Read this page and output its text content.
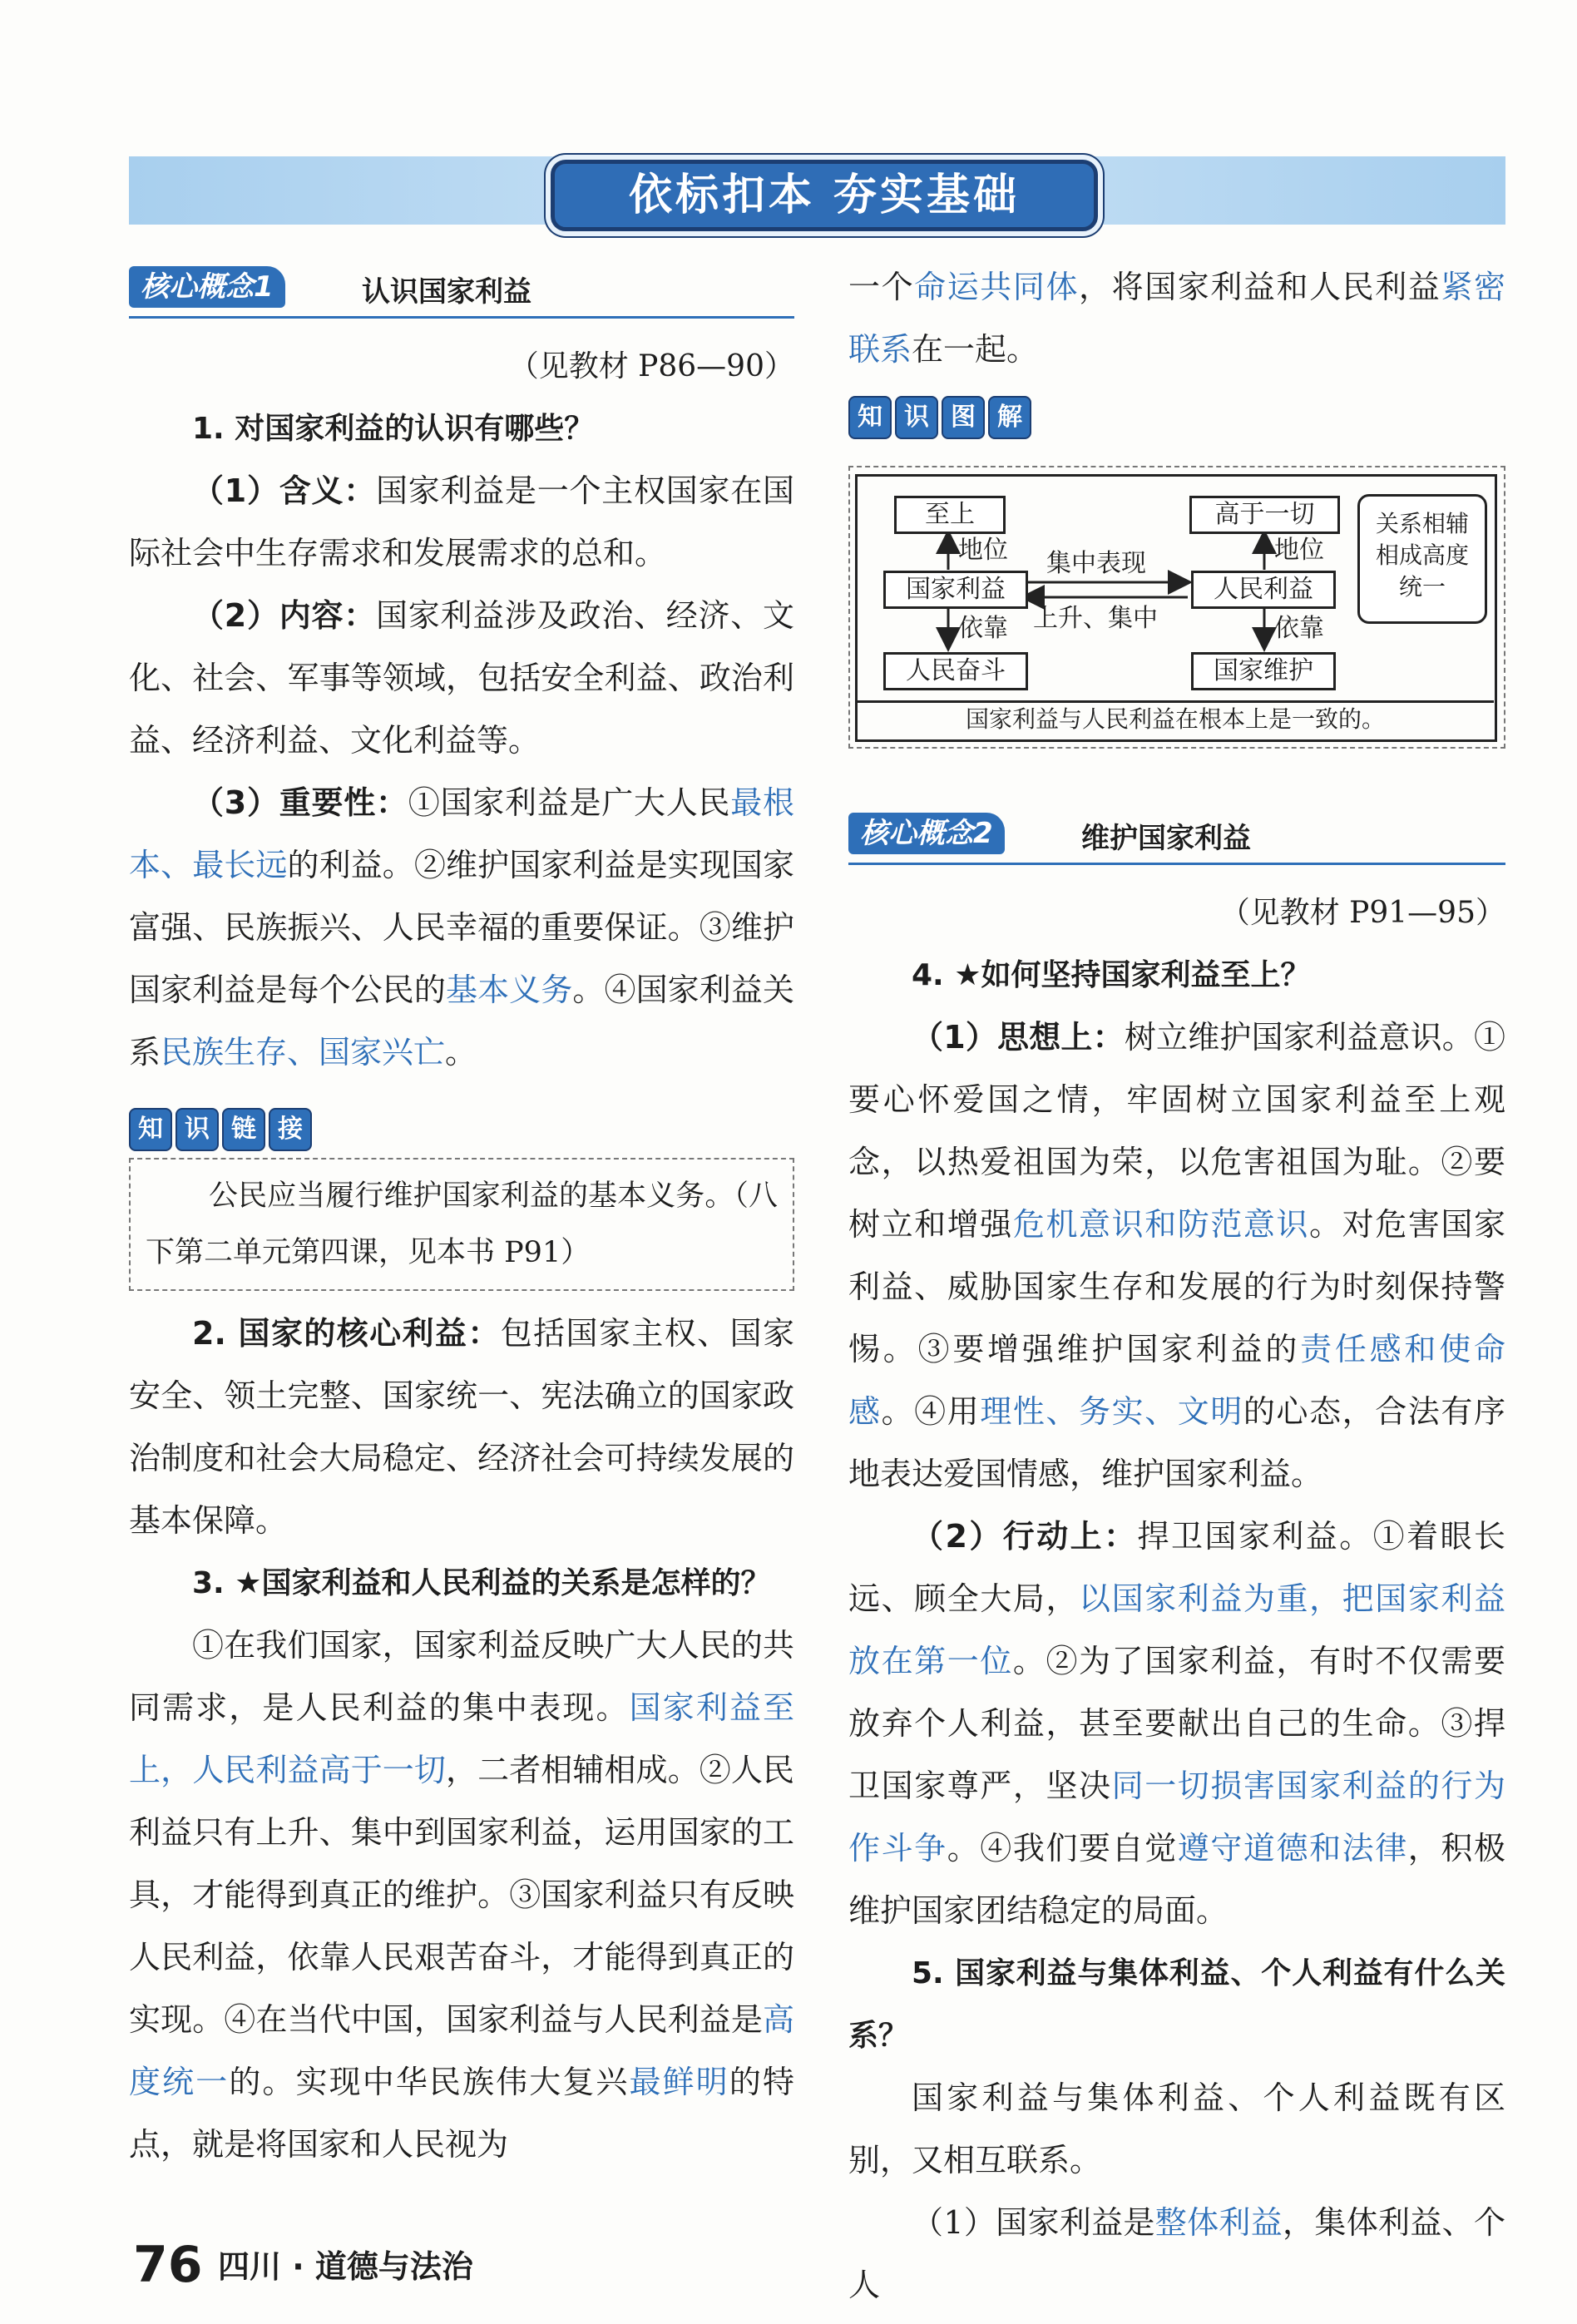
依标扣本 夯实基础
核心概念1	认识国家利益

（见教材 P86—90）

1. 对国家利益的认识有哪些？

（1）含义：国家利益是一个主权国家在国际社会中生存需求和发展需求的总和。

（2）内容：国家利益涉及政治、经济、文化、社会、军事等领域，包括安全利益、政治利益、经济利益、文化利益等。

（3）重要性：①国家利益是广大人民最根本、最长远的利益。②维护国家利益是实现国家富强、民族振兴、人民幸福的重要保证。③维护国家利益是每个公民的基本义务。④国家利益关系民族生存、国家兴亡。

知 识 链 接

公民应当履行维护国家利益的基本义务。（八下第二单元第四课，见本书 P91）

2. 国家的核心利益：包括国家主权、国家安全、领土完整、国家统一、宪法确立的国家政治制度和社会大局稳定、经济社会可持续发展的基本保障。

3. ★国家利益和人民利益的关系是怎样的？

①在我们国家，国家利益反映广大人民的共同需求，是人民利益的集中表现。国家利益至上，人民利益高于一切，二者相辅相成。②人民利益只有上升、集中到国家利益，运用国家的工具，才能得到真正的维护。③国家利益只有反映人民利益，依靠人民艰苦奋斗，才能得到真正的实现。④在当代中国，国家利益与人民利益是高度统一的。实现中华民族伟大复兴最鲜明的特点，就是将国家和人民视为

一个命运共同体，将国家利益和人民利益紧密联系在一起。

知 识 图 解
至上	高于一切
国家利益	人民利益
人民奋斗	国家维护
地位	地位
依靠	依靠
集中表现
上升、集中
关系相辅相成高度统一
国家利益与人民利益在根本上是一致的。
核心概念2	维护国家利益

（见教材 P91—95）

4. ★如何坚持国家利益至上？

（1）思想上：树立维护国家利益意识。①要心怀爱国之情，牢固树立国家利益至上观念，以热爱祖国为荣，以危害祖国为耻。②要树立和增强危机意识和防范意识。对危害国家利益、威胁国家生存和发展的行为时刻保持警惕。③要增强维护国家利益的责任感和使命感。④用理性、务实、文明的心态，合法有序地表达爱国情感，维护国家利益。

（2）行动上：捍卫国家利益。①着眼长远、顾全大局，以国家利益为重，把国家利益放在第一位。②为了国家利益，有时不仅需要放弃个人利益，甚至要献出自己的生命。③捍卫国家尊严，坚决同一切损害国家利益的行为作斗争。④我们要自觉遵守道德和法律，积极维护国家团结稳定的局面。

5. 国家利益与集体利益、个人利益有什么关系？

国家利益与集体利益、个人利益既有区别，又相互联系。

（1）国家利益是整体利益，集体利益、个人

76 四川 · 道德与法治
